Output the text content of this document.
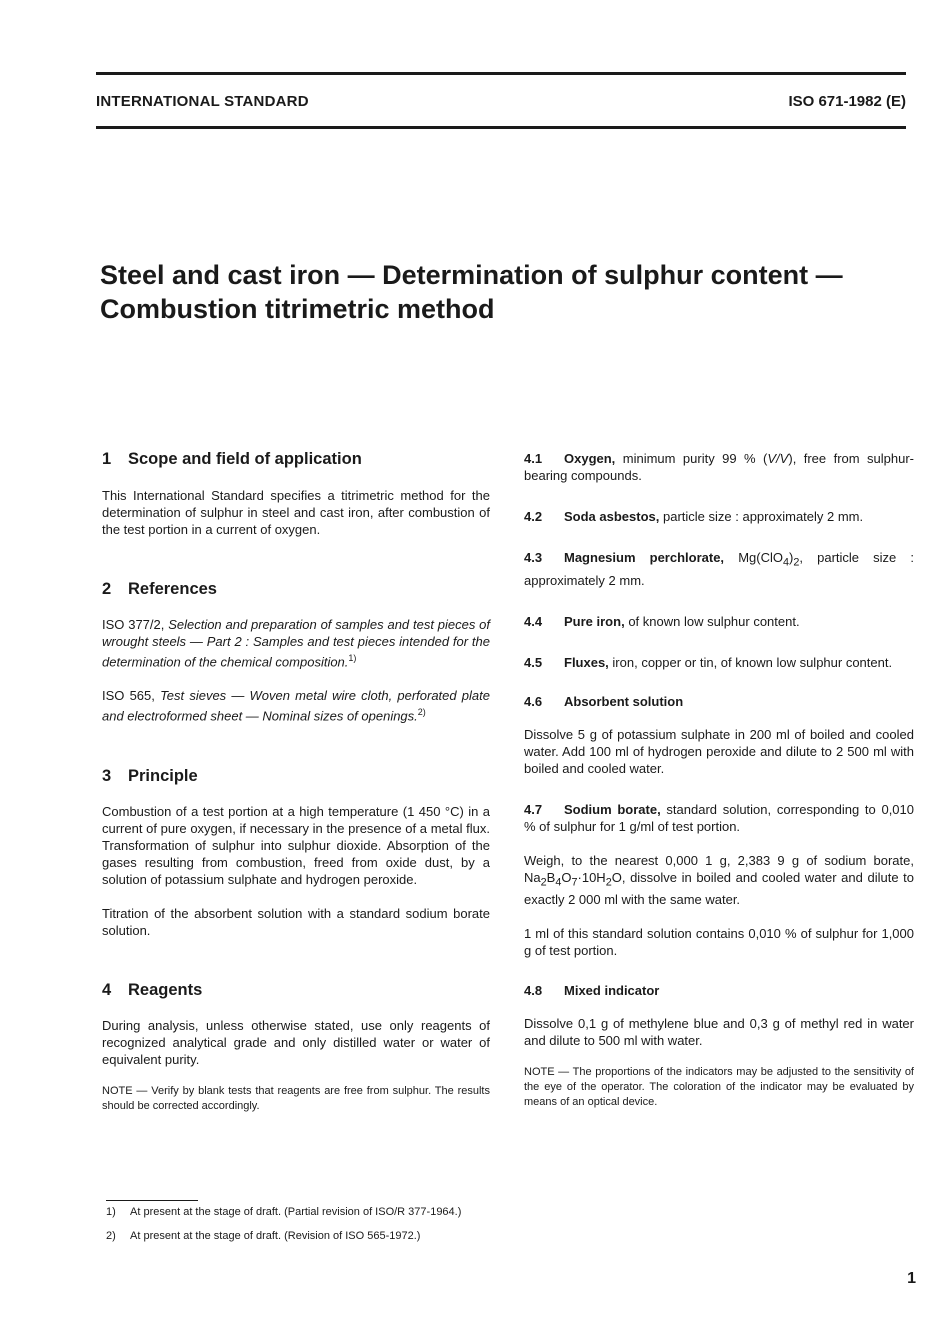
INTERNATIONAL STANDARD	ISO 671-1982 (E)
Steel and cast iron — Determination of sulphur content —
Combustion titrimetric method
1 Scope and field of application

This International Standard specifies a titrimetric method for the determination of sulphur in steel and cast iron, after combustion of the test portion in a current of oxygen.

2 References

ISO 377/2, Selection and preparation of samples and test pieces of wrought steels — Part 2 : Samples and test pieces intended for the determination of the chemical composition.$^{1)}$

ISO 565, Test sieves — Woven metal wire cloth, perforated plate and electroformed sheet — Nominal sizes of openings.$^{2)}$

3 Principle

Combustion of a test portion at a high temperature (1 450 °C) in a current of pure oxygen, if necessary in the presence of a metal flux. Transformation of sulphur into sulphur dioxide. Absorption of the gases resulting from combustion, freed from oxide dust, by a solution of potassium sulphate and hydrogen peroxide.

Titration of the absorbent solution with a standard sodium borate solution.

4 Reagents

During analysis, unless otherwise stated, use only reagents of recognized analytical grade and only distilled water or water of equivalent purity.

NOTE — Verify by blank tests that reagents are free from sulphur. The results should be corrected accordingly.

4.1 Oxygen, minimum purity 99 % (V/V), free from sulphur-bearing compounds.

4.2 Soda asbestos, particle size : approximately 2 mm.

4.3 Magnesium perchlorate, $Mg(ClO_4)_2$, particle size : approximately 2 mm.

4.4 Pure iron, of known low sulphur content.

4.5 Fluxes, iron, copper or tin, of known low sulphur content.

4.6 Absorbent solution

Dissolve 5 g of potassium sulphate in 200 ml of boiled and cooled water. Add 100 ml of hydrogen peroxide and dilute to 2 500 ml with boiled and cooled water.

4.7 Sodium borate, standard solution, corresponding to 0,010 % of sulphur for 1 g/ml of test portion.

Weigh, to the nearest 0,000 1 g, 2,383 9 g of sodium borate, $Na_2B_4O_7\cdot 10H_2O$, dissolve in boiled and cooled water and dilute to exactly 2 000 ml with the same water.

1 ml of this standard solution contains 0,010 % of sulphur for 1,000 g of test portion.

4.8 Mixed indicator

Dissolve 0,1 g of methylene blue and 0,3 g of methyl red in water and dilute to 500 ml with water.

NOTE — The proportions of the indicators may be adjusted to the sensitivity of the eye of the operator. The coloration of the indicator may be evaluated by means of an optical device.

1) At present at the stage of draft. (Partial revision of ISO/R 377-1964.)
2) At present at the stage of draft. (Revision of ISO 565-1972.)
1
